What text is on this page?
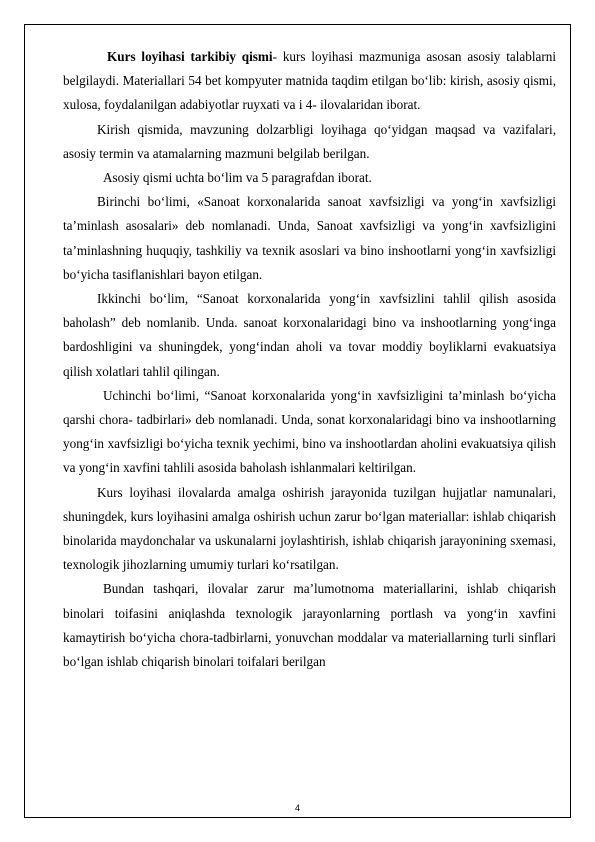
Kurs loyihasi tarkibiy qismi- kurs loyihasi mazmuniga asosan asosiy talablarni belgilaydi. Materiallari 54 bet kompyuter matnida taqdim etilgan bo‘lib: kirish, asosiy qismi, xulosa, foydalanilgan adabiyotlar ruyxati va i 4- ilovalaridan iborat.

Kirish qismida, mavzuning dolzarbligi loyihaga qo‘yidgan maqsad va vazifalari, asosiy termin va atamalarning mazmuni belgilab berilgan.

Asosiy qismi uchta bo‘lim va 5 paragrafdan iborat.

Birinchi bo‘limi, «Sanoat korxonalarida sanoat xavfsizligi va yong‘in xavfsizligi ta’minlash asosalari» deb nomlanadi. Unda, Sanoat xavfsizligi va yong‘in xavfsizligini ta’minlashning huquqiy, tashkiliy va texnik asoslari va bino inshootlarni yong‘in xavfsizligi bo‘yicha tasiflanishlari bayon etilgan.

Ikkinchi bo‘lim, “Sanoat korxonalarida yong‘in xavfsizlini tahlil qilish asosida baholash” deb nomlanib. Unda. sanoat korxonalaridagi bino va inshootlarning yong‘inga bardoshligini va shuningdek, yong‘indan aholi va tovar moddiy boyliklarni evakuatsiya qilish xolatlari tahlil qilingan.

Uchinchi bo‘limi, “Sanoat korxonalarida yong‘in xavfsizligini ta’minlash bo‘yicha qarshi chora- tadbirlari» deb nomlanadi. Unda, sonat korxonalaridagi bino va inshootlarning yong‘in xavfsizligi bo‘yicha texnik yechimi, bino va inshootlardan aholini evakuatsiya qilish va yong‘in xavfini tahlili asosida baholash ishlanmalari keltirilgan.

Kurs loyihasi ilovalarda amalga oshirish jarayonida tuzilgan hujjatlar namunalari, shuningdek, kurs loyihasini amalga oshirish uchun zarur bo‘lgan materiallar: ishlab chiqarish binolarida maydonchalar va uskunalarni joylashtirish, ishlab chiqarish jarayonining sxemasi, texnologik jihozlarning umumiy turlari ko‘rsatilgan.

Bundan tashqari, ilovalar zarur ma’lumotnoma materiallarini, ishlab chiqarish binolari toifasini aniqlashda texnologik jarayonlarning portlash va yong‘in xavfini kamaytirish bo‘yicha chora-tadbirlarni, yonuvchan moddalar va materiallarning turli sinflari bo‘lgan ishlab chiqarish binolari toifalari berilgan

4
